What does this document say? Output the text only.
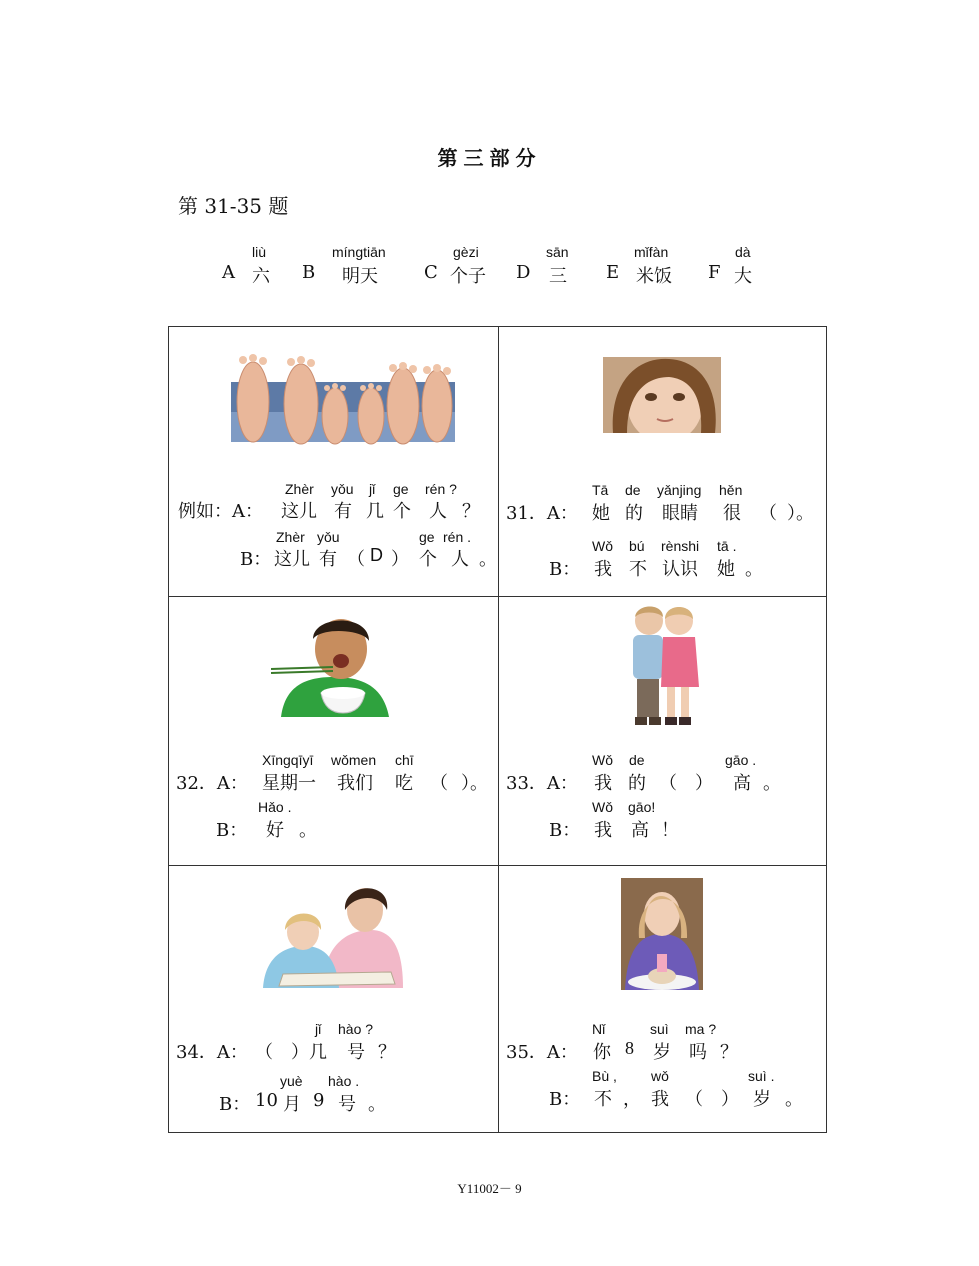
第三部分
第 31-35 题
A
liù
六 B
míngtiān
明天	C
gèzi
个子 D
sān
三 E
mǐfàn
米饭 F
dà
大
例如：A：
Zhèr yǒu jǐ ge rén ?
这儿 有 几 个 人 ？
B：
Zhèr yǒu	ge rén .
这儿 有 （ D ） 个 人 。
31．A：
Tā de yǎnjing hěn
她 的 眼睛 很 （ ）。
B：
Wǒ bú rènshi tā .
我 不 认识 她 。
32．A：
Xīngqīyī wǒmen chī
星期一 我们 吃 （ ）。
B：
Hǎo .
好 。
33．A：
Wǒ de	gāo .
我 的 （ ） 高 。
B：
Wǒ gāo!
我 高 ！
34．A：
jǐ hào ?
（ ）几 号 ？
B：
yuè hào .
10 月 9 号 。
35．A：
Nǐ	suì ma ?
你 8 岁 吗 ？
B：
Bù , wǒ	suì .
不 ， 我 （ ） 岁 。
Y11002－ 9
